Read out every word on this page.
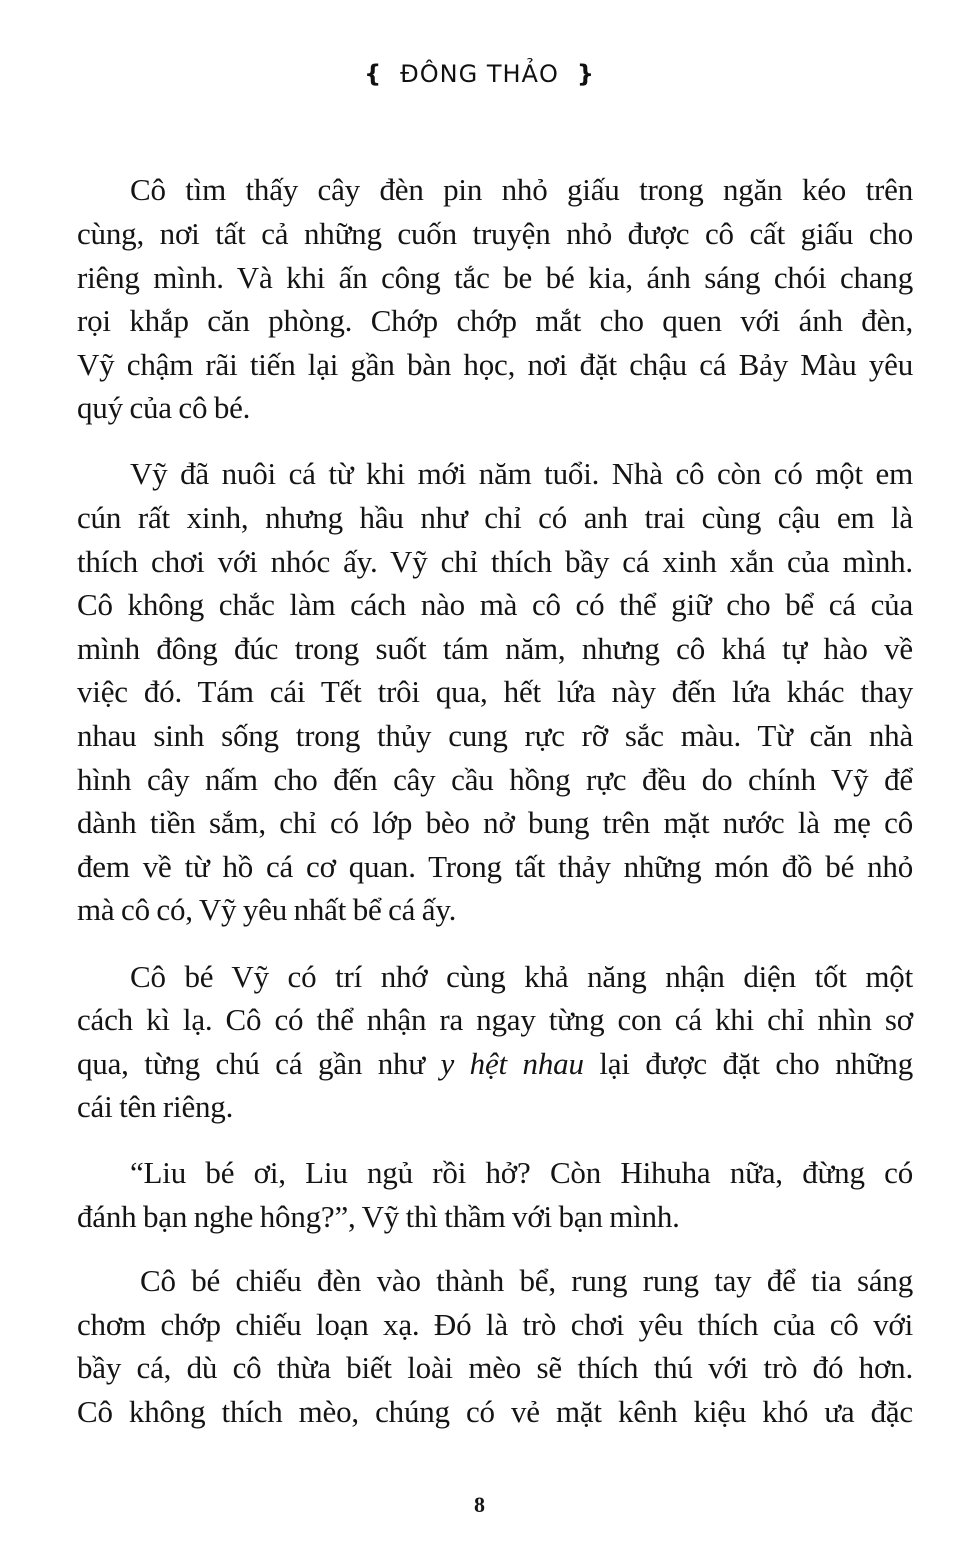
{ ĐÔNG THẢO }
Cô tìm thấy cây đèn pin nhỏ giấu trong ngăn kéo trên
cùng, nơi tất cả những cuốn truyện nhỏ được cô cất giấu cho
riêng mình. Và khi ấn công tắc be bé kia, ánh sáng chói chang
rọi khắp căn phòng. Chớp chớp mắt cho quen với ánh đèn,
Vỹ chậm rãi tiến lại gần bàn học, nơi đặt chậu cá Bảy Màu yêu
quý của cô bé.
Vỹ đã nuôi cá từ khi mới năm tuổi. Nhà cô còn có một em
cún rất xinh, nhưng hầu như chỉ có anh trai cùng cậu em là
thích chơi với nhóc ấy. Vỹ chỉ thích bầy cá xinh xắn của mình.
Cô không chắc làm cách nào mà cô có thể giữ cho bể cá của
mình đông đúc trong suốt tám năm, nhưng cô khá tự hào về
việc đó. Tám cái Tết trôi qua, hết lứa này đến lứa khác thay
nhau sinh sống trong thủy cung rực rỡ sắc màu. Từ căn nhà
hình cây nấm cho đến cây cầu hồng rực đều do chính Vỹ để
dành tiền sắm, chỉ có lớp bèo nở bung trên mặt nước là mẹ cô
đem về từ hồ cá cơ quan. Trong tất thảy những món đồ bé nhỏ
mà cô có, Vỹ yêu nhất bể cá ấy.
Cô bé Vỹ có trí nhớ cùng khả năng nhận diện tốt một
cách kì lạ. Cô có thể nhận ra ngay từng con cá khi chỉ nhìn sơ
qua, từng chú cá gần như y hệt nhau lại được đặt cho những
cái tên riêng.
“Liu bé ơi, Liu ngủ rồi hở? Còn Hihuha nữa, đừng có
đánh bạn nghe hông?”, Vỹ thì thầm với bạn mình.
Cô bé chiếu đèn vào thành bể, rung rung tay để tia sáng
chơm chớp chiếu loạn xạ. Đó là trò chơi yêu thích của cô với
bầy cá, dù cô thừa biết loài mèo sẽ thích thú với trò đó hơn.
Cô không thích mèo, chúng có vẻ mặt kênh kiệu khó ưa đặc
8
